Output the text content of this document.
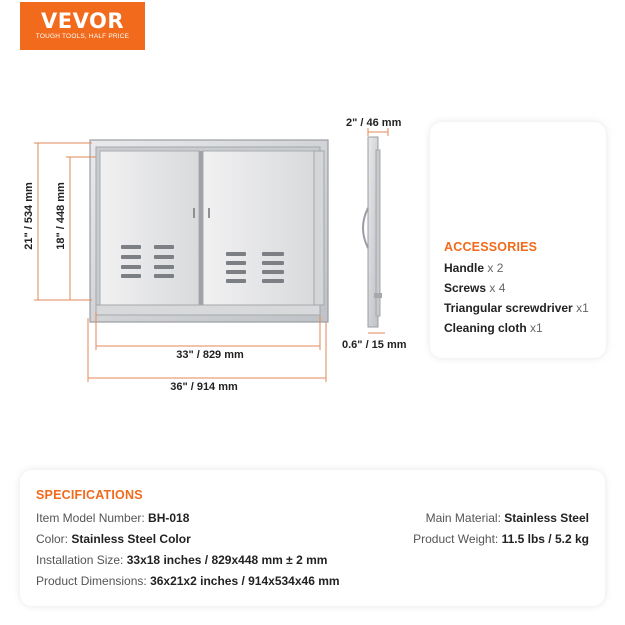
VEVOR
TOUGH TOOLS, HALF PRICE
21" / 534 mm 18" / 448 mm
33" / 829 mm
36" / 914 mm
2" / 46 mm
0.6" / 15 mm
ACCESSORIES
Handle x 2
Screws x 4
Triangular screwdriver x1
Cleaning cloth x1
SPECIFICATIONS
Item Model Number: BH-018
Color: Stainless Steel Color
Installation Size: 33x18 inches / 829x448 mm ± 2 mm
Product Dimensions: 36x21x2 inches / 914x534x46 mm
Main Material: Stainless Steel
Product Weight: 11.5 lbs / 5.2 kg
